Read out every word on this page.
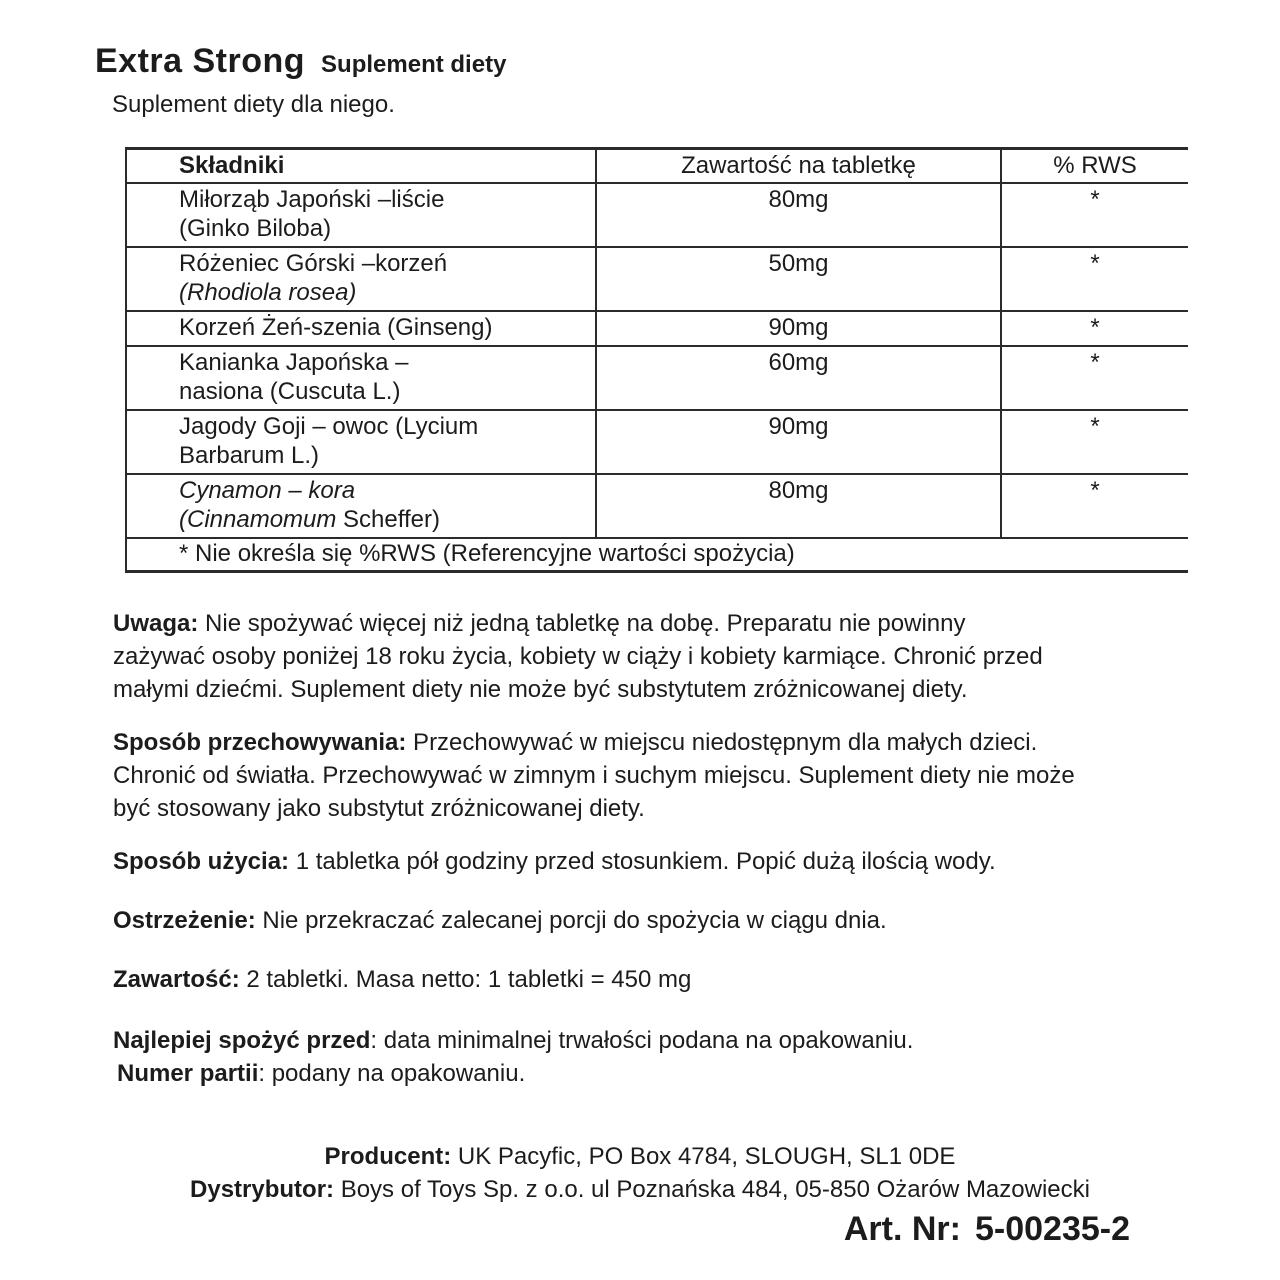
Extra Strong Suplement diety
Suplement diety dla niego.
Składniki	Zawartość na tabletkę	% RWS

Miłorząb Japoński –liście
(Ginko Biloba)	80mg	*

Różeniec Górski –korzeń
(Rhodiola rosea)	50mg	*

Korzeń Żeń-szenia (Ginseng)	90mg	*

Kanianka Japońska –
nasiona (Cuscuta L.)	60mg	*

Jagody Goji – owoc (Lycium
Barbarum L.)	90mg	*

Cynamon – kora
(Cinnamomum Scheffer)	80mg	*
* Nie określa się %RWS (Referencyjne wartości spożycia)		
Uwaga: Nie spożywać więcej niż jedną tabletkę na dobę. Preparatu nie powinny
zażywać osoby poniżej 18 roku życia, kobiety w ciąży i kobiety karmiące. Chronić przed
małymi dziećmi. Suplement diety nie może być substytutem zróżnicowanej diety.
Sposób przechowywania: Przechowywać w miejscu niedostępnym dla małych dzieci.
Chronić od światła. Przechowywać w zimnym i suchym miejscu. Suplement diety nie może
być stosowany jako substytut zróżnicowanej diety.
Sposób użycia: 1 tabletka pół godziny przed stosunkiem. Popić dużą ilością wody.
Ostrzeżenie: Nie przekraczać zalecanej porcji do spożycia w ciągu dnia.
Zawartość: 2 tabletki. Masa netto: 1 tabletki = 450 mg
Najlepiej spożyć przed: data minimalnej trwałości podana na opakowaniu.
Numer partii: podany na opakowaniu.
Producent: UK Pacyfic, PO Box 4784, SLOUGH, SL1 0DE
Dystrybutor: Boys of Toys Sp. z o.o. ul Poznańska 484, 05-850 Ożarów Mazowiecki
Art. Nr: 5-00235-2
